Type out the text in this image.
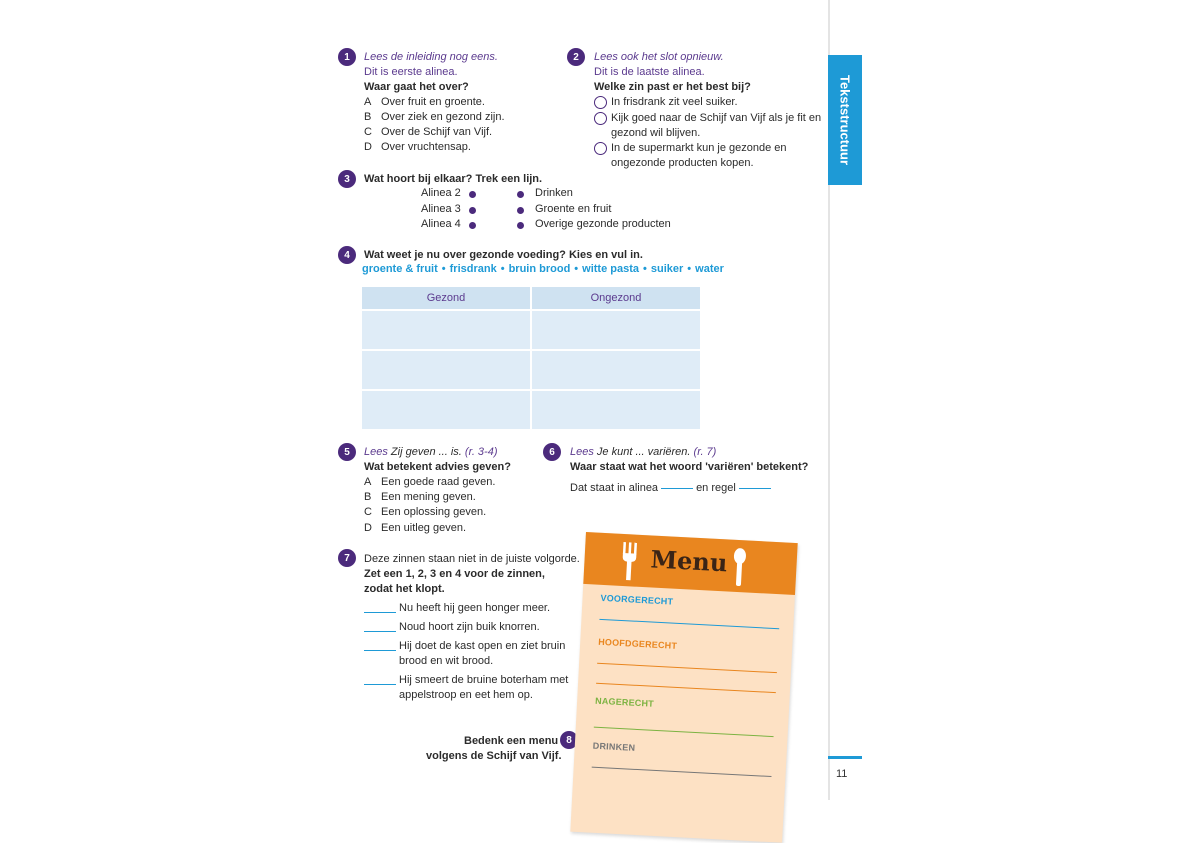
Tekststructuur
11
1	Lees de inleiding nog eens.
Dit is eerste alinea.
Waar gaat het over?
A Over fruit en groente.
B Over ziek en gezond zijn.
C Over de Schijf van Vijf.
D Over vruchtensap.
2	Lees ook het slot opnieuw.
Dit is de laatste alinea.
Welke zin past er het best bij?
In frisdrank zit veel suiker.
Kijk goed naar de Schijf van Vijf als je fit en
gezond wil blijven.
In de supermarkt kun je gezonde en
ongezonde producten kopen.
3	Wat hoort bij elkaar? Trek een lijn.
Alinea 2
Alinea 3
Alinea 4
Drinken
Groente en fruit
Overige gezonde producten
4	Wat weet je nu over gezonde voeding? Kies en vul in.
groente & fruit • frisdrank • bruin brood • witte pasta • suiker • water
Gezond	Ongezond
5	Lees Zij geven ... is. (r. 3-4)
Wat betekent advies geven?
A Een goede raad geven.
B Een mening geven.
C Een oplossing geven.
D Een uitleg geven.
6	Lees Je kunt ... variëren. (r. 7)
Waar staat wat het woord 'variëren' betekent?
Dat staat in alinea	en regel
7	Deze zinnen staan niet in de juiste volgorde.
Zet een 1, 2, 3 en 4 voor de zinnen,
zodat het klopt.
Nu heeft hij geen honger meer.
Noud hoort zijn buik knorren.
Hij doet de kast open en ziet bruin
brood en wit brood.
Hij smeert de bruine boterham met
appelstroop en eet hem op.
Bedenk een menu
volgens de Schijf van Vijf.
8
Menu
VOORGERECHT
HOOFDGERECHT
NAGERECHT
DRINKEN
